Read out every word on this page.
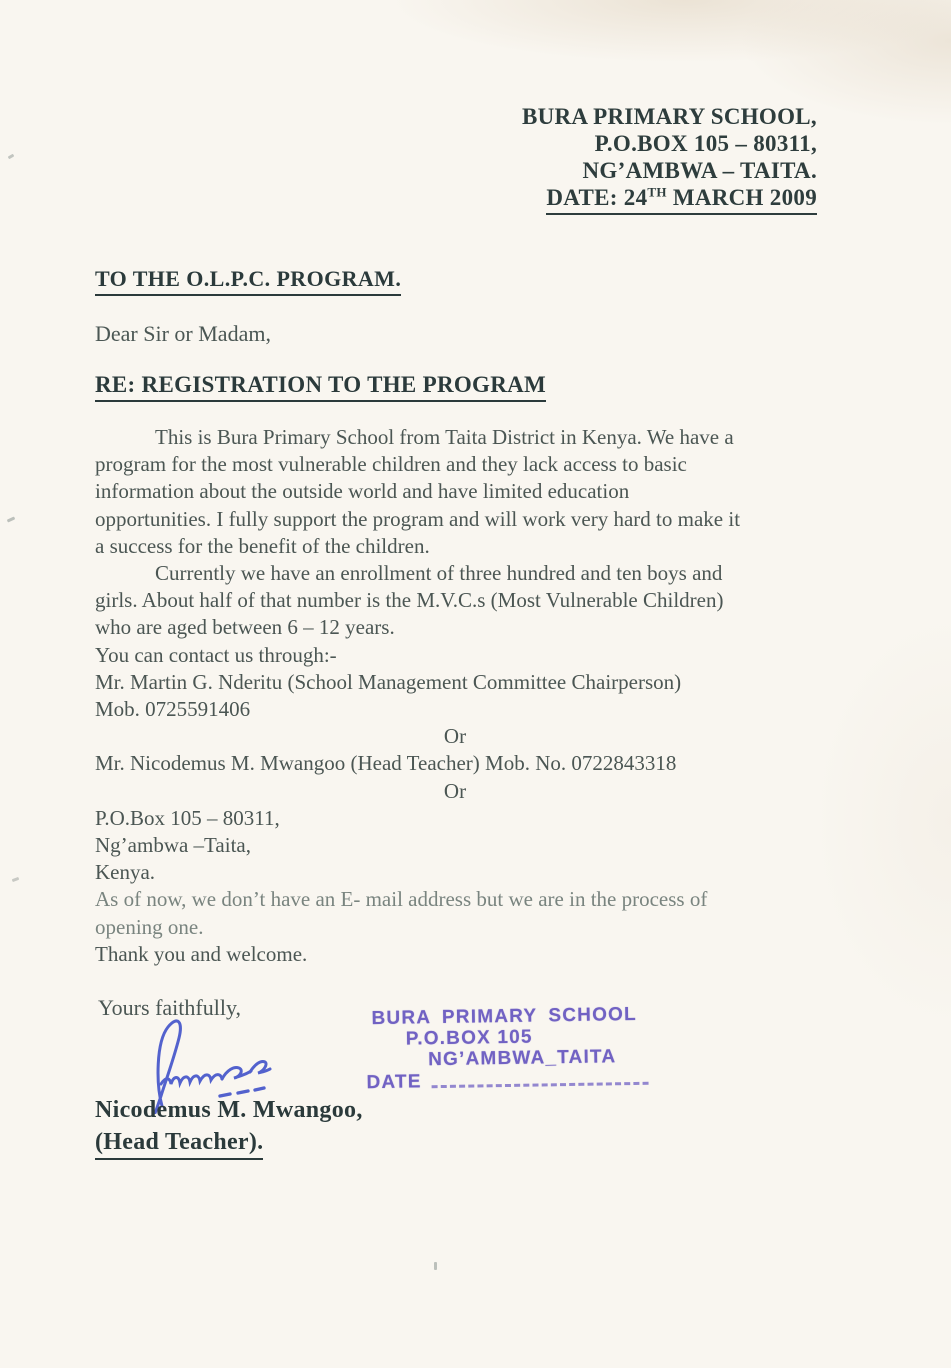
BURA PRIMARY SCHOOL,
P.O.BOX 105 – 80311,
NG’AMBWA – TAITA.
DATE: 24TH MARCH 2009
TO THE O.L.P.C. PROGRAM.
Dear Sir or Madam,
RE: REGISTRATION TO THE PROGRAM
This is Bura Primary School from Taita District in Kenya. We have a
program for the most vulnerable children and they lack access to basic
information about the outside world and have limited education
opportunities. I fully support the program and will work very hard to make it
a success for the benefit of the children.
Currently we have an enrollment of three hundred and ten boys and
girls. About half of that number is the M.V.C.s (Most Vulnerable Children)
who are aged between 6 – 12 years.
You can contact us through:-
Mr. Martin G. Nderitu (School Management Committee Chairperson)
Mob. 0725591406
Or
Mr. Nicodemus M. Mwangoo (Head Teacher) Mob. No. 0722843318
Or
P.O.Box 105 – 80311,
Ng’ambwa –Taita,
Kenya.
As of now, we don’t have an E- mail address but we are in the process of
opening one.
Thank you and welcome.
Yours faithfully,	BURA PRIMARY SCHOOL
P.O.BOX 105
NG’AMBWA_TAITA
DATE
Nicodemus M. Mwangoo,
(Head Teacher).
